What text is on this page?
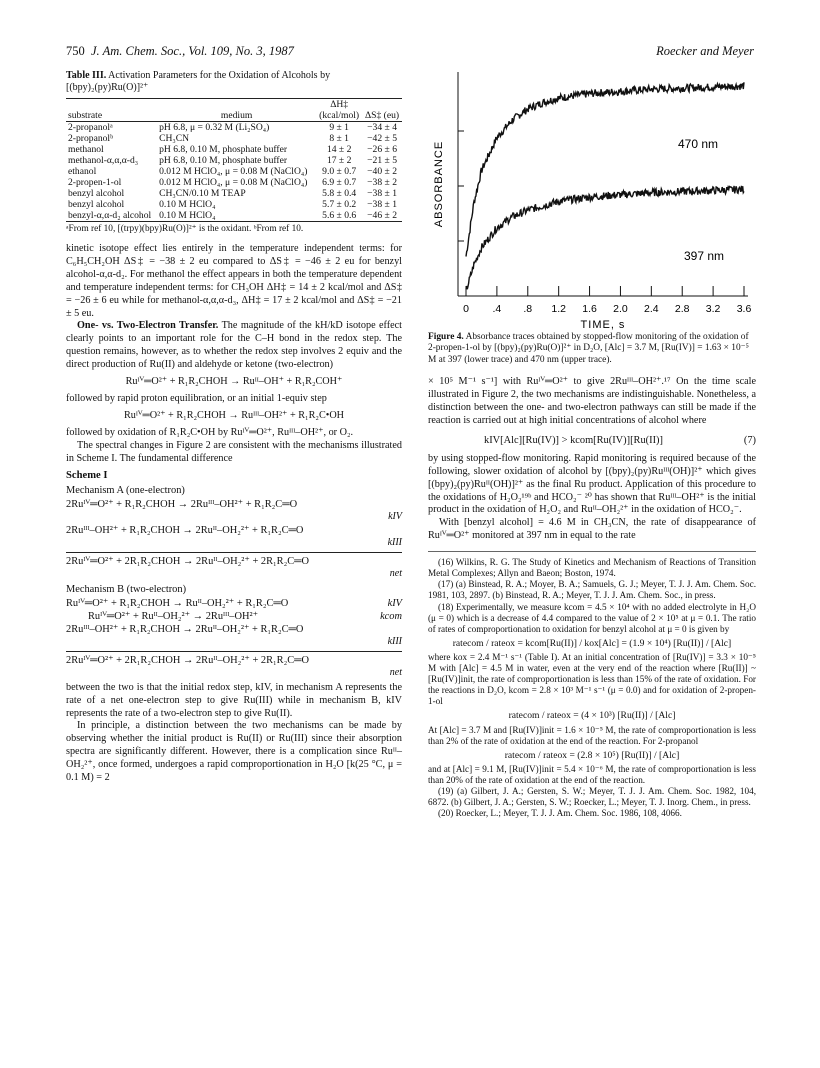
750 J. Am. Chem. Soc., Vol. 109, No. 3, 1987	Roecker and Meyer
Table III. Activation Parameters for the Oxidation of Alcohols by [(bpy)₂(py)Ru(O)]²⁺
		ΔH‡	
substrate	medium	(kcal/mol)	ΔS‡ (eu)
2-propanolᵃ	pH 6.8, μ = 0.32 M (Li₂SO₄)	9 ± 1	−34 ± 4
2-propanolᵇ	CH₃CN	8 ± 1	−42 ± 5
methanol	pH 6.8, 0.10 M, phosphate buffer	14 ± 2	−26 ± 6
methanol-α,α,α-d₃	pH 6.8, 0.10 M, phosphate buffer	17 ± 2	−21 ± 5
ethanol	0.012 M HClO₄, μ = 0.08 M (NaClO₄)	9.0 ± 0.7	−40 ± 2
2-propen-1-ol	0.012 M HClO₄, μ = 0.08 M (NaClO₄)	6.9 ± 0.7	−38 ± 2
benzyl alcohol	CH₃CN/0.10 M TEAP	5.8 ± 0.4	−38 ± 1
benzyl alcohol	0.10 M HClO₄	5.7 ± 0.2	−38 ± 1
benzyl-α,α-d₂ alcohol	0.10 M HClO₄	5.6 ± 0.6	−46 ± 2
ᵃFrom ref 10, [(trpy)(bpy)Ru(O)]²⁺ is the oxidant. ᵇFrom ref 10.

kinetic isotope effect lies entirely in the temperature independent terms: for C₆H₅CH₂OH ΔS‡ = −38 ± 2 eu compared to ΔS‡ = −46 ± 2 eu for benzyl alcohol-α,α-d₂. For methanol the effect appears in both the temperature dependent and temperature independent terms: for CH₃OH ΔH‡ = 14 ± 2 kcal/mol and ΔS‡ = −26 ± 6 eu while for methanol-α,α,α-d₃, ΔH‡ = 17 ± 2 kcal/mol and ΔS‡ = −21 ± 5 eu.

One- vs. Two-Electron Transfer. The magnitude of the kH/kD isotope effect clearly points to an important role for the C–H bond in the redox step. The question remains, however, as to whether the redox step involves 2 equiv and the direct production of Ru(II) and aldehyde or ketone (two-electron)

Ruᴵⱽ═O²⁺ + R₁R₂CHOH → Ruᴵᴵ–OH⁺ + R₁R₂COH⁺

followed by rapid proton equilibration, or an initial 1-equiv step

Ruᴵⱽ═O²⁺ + R₁R₂CHOH → Ruᴵᴵᴵ–OH²⁺ + R₁R₂C•OH

followed by oxidation of R₁R₂C•OH by Ruᴵⱽ═O²⁺, Ruᴵᴵᴵ–OH²⁺, or O₂.

The spectral changes in Figure 2 are consistent with the mechanisms illustrated in Scheme I. The fundamental difference

Scheme I
Mechanism A (one-electron)
2Ruᴵⱽ═O²⁺ + R₁R₂CHOH → 2Ruᴵᴵᴵ–OH²⁺ + R₁R₂C═O
kIV
2Ruᴵᴵᴵ–OH²⁺ + R₁R₂CHOH → 2Ruᴵᴵ–OH₂²⁺ + R₁R₂C═O
kIII
2Ruᴵⱽ═O²⁺ + 2R₁R₂CHOH → 2Ruᴵᴵ–OH₂²⁺ + 2R₁R₂C═O
net
Mechanism B (two-electron)
Ruᴵⱽ═O²⁺ + R₁R₂CHOH → Ruᴵᴵ–OH₂²⁺ + R₁R₂C═O	kIV
Ruᴵⱽ═O²⁺ + Ruᴵᴵ–OH₂²⁺ → 2Ruᴵᴵᴵ–OH²⁺	kcom
2Ruᴵᴵᴵ–OH²⁺ + R₁R₂CHOH → 2Ruᴵᴵ–OH₂²⁺ + R₁R₂C═O
kIII
2Ruᴵⱽ═O²⁺ + 2R₁R₂CHOH → 2Ruᴵᴵ–OH₂²⁺ + 2R₁R₂C═O
net

between the two is that the initial redox step, kIV, in mechanism A represents the rate of a net one-electron step to give Ru(III) while in mechanism B, kIV represents the rate of a two-electron step to give Ru(II).

In principle, a distinction between the two mechanisms can be made by observing whether the initial product is Ru(II) or Ru(III) since their absorption spectra are significantly different. However, there is a complication since Ruᴵᴵ–OH₂²⁺, once formed, undergoes a rapid comproportionation in H₂O [k(25 °C, μ = 0.1 M) = 2

ABSORBANCE
TIME, s
470 nm
397 nm
0 .4 .8 1.2 1.6 2.0 2.4 2.8 3.2 3.6
Figure 4. Absorbance traces obtained by stopped-flow monitoring of the oxidation of 2-propen-1-ol by [(bpy)₂(py)Ru(O)]²⁺ in D₂O, [Alc] = 3.7 M, [Ru(IV)] = 1.63 × 10⁻⁵ M at 397 (lower trace) and 470 nm (upper trace).

× 10⁵ M⁻¹ s⁻¹] with Ruᴵⱽ═O²⁺ to give 2Ruᴵᴵᴵ–OH²⁺.¹⁷ On the time scale illustrated in Figure 2, the two mechanisms are indistinguishable. Nonetheless, a distinction between the one- and two-electron pathways can still be made if the reaction is carried out at high initial concentrations of alcohol where

kIV[Alc][Ru(IV)] > kcom[Ru(IV)][Ru(II)]	(7)

by using stopped-flow monitoring. Rapid monitoring is required because of the following, slower oxidation of alcohol by [(bpy)₂(py)Ruᴵᴵᴵ(OH)]²⁺ which gives [(bpy)₂(py)Ruᴵᴵ(OH)]²⁺ as the final Ru product. Application of this procedure to the oxidations of H₂O₂¹⁹ᵇ and HCO₂⁻ ²⁰ has shown that Ruᴵᴵᴵ–OH²⁺ is the initial product in the oxidation of H₂O₂ and Ruᴵᴵ–OH₂²⁺ in the oxidation of HCO₂⁻.

With [benzyl alcohol] = 4.6 M in CH₃CN, the rate of disappearance of Ruᴵⱽ═O²⁺ monitored at 397 nm in equal to the rate

(16) Wilkins, R. G. The Study of Kinetics and Mechanism of Reactions of Transition Metal Complexes; Allyn and Baeon; Boston, 1974.

(17) (a) Binstead, R. A.; Moyer, B. A.; Samuels, G. J.; Meyer, T. J. J. Am. Chem. Soc. 1981, 103, 2897. (b) Binstead, R. A.; Meyer, T. J. J. Am. Chem. Soc., in press.

(18) Experimentally, we measure kcom = 4.5 × 10⁴ with no added electrolyte in H₂O (μ = 0) which is a decrease of 4.4 compared to the value of 2 × 10⁵ at μ = 0.1. The ratio of rates of comproportionation to oxidation for benzyl alcohol at μ = 0 is given by

ratecom / rateox = kcom[Ru(II)] / kox[Alc] = (1.9 × 10⁴) [Ru(II)] / [Alc]

where kox = 2.4 M⁻¹ s⁻¹ (Table I). At an initial concentration of [Ru(IV)] = 3.3 × 10⁻⁵ M with [Alc] = 4.5 M in water, even at the very end of the reaction where [Ru(II)] ~ [Ru(IV)]init, the rate of comproportionation is less than 15% of the rate of oxidation. For the reactions in D₂O, kcom = 2.8 × 10³ M⁻¹ s⁻¹ (μ = 0.0) and for oxidation of 2-propen-1-ol

ratecom / rateox = (4 × 10³) [Ru(II)] / [Alc]

At [Alc] = 3.7 M and [Ru(IV)]init = 1.6 × 10⁻⁵ M, the rate of comproportionation is less than 2% of the rate of oxidation at the end of the reaction. For 2-propanol

ratecom / rateox = (2.8 × 10⁵) [Ru(II)] / [Alc]

and at [Alc] = 9.1 M, [Ru(IV)]init = 5.4 × 10⁻⁶ M, the rate of comproportionation is less than 20% of the rate of oxidation at the end of the reaction.

(19) (a) Gilbert, J. A.; Gersten, S. W.; Meyer, T. J. J. Am. Chem. Soc. 1982, 104, 6872. (b) Gilbert, J. A.; Gersten, S. W.; Roecker, L.; Meyer, T. J. Inorg. Chem., in press.

(20) Roecker, L.; Meyer, T. J. J. Am. Chem. Soc. 1986, 108, 4066.
